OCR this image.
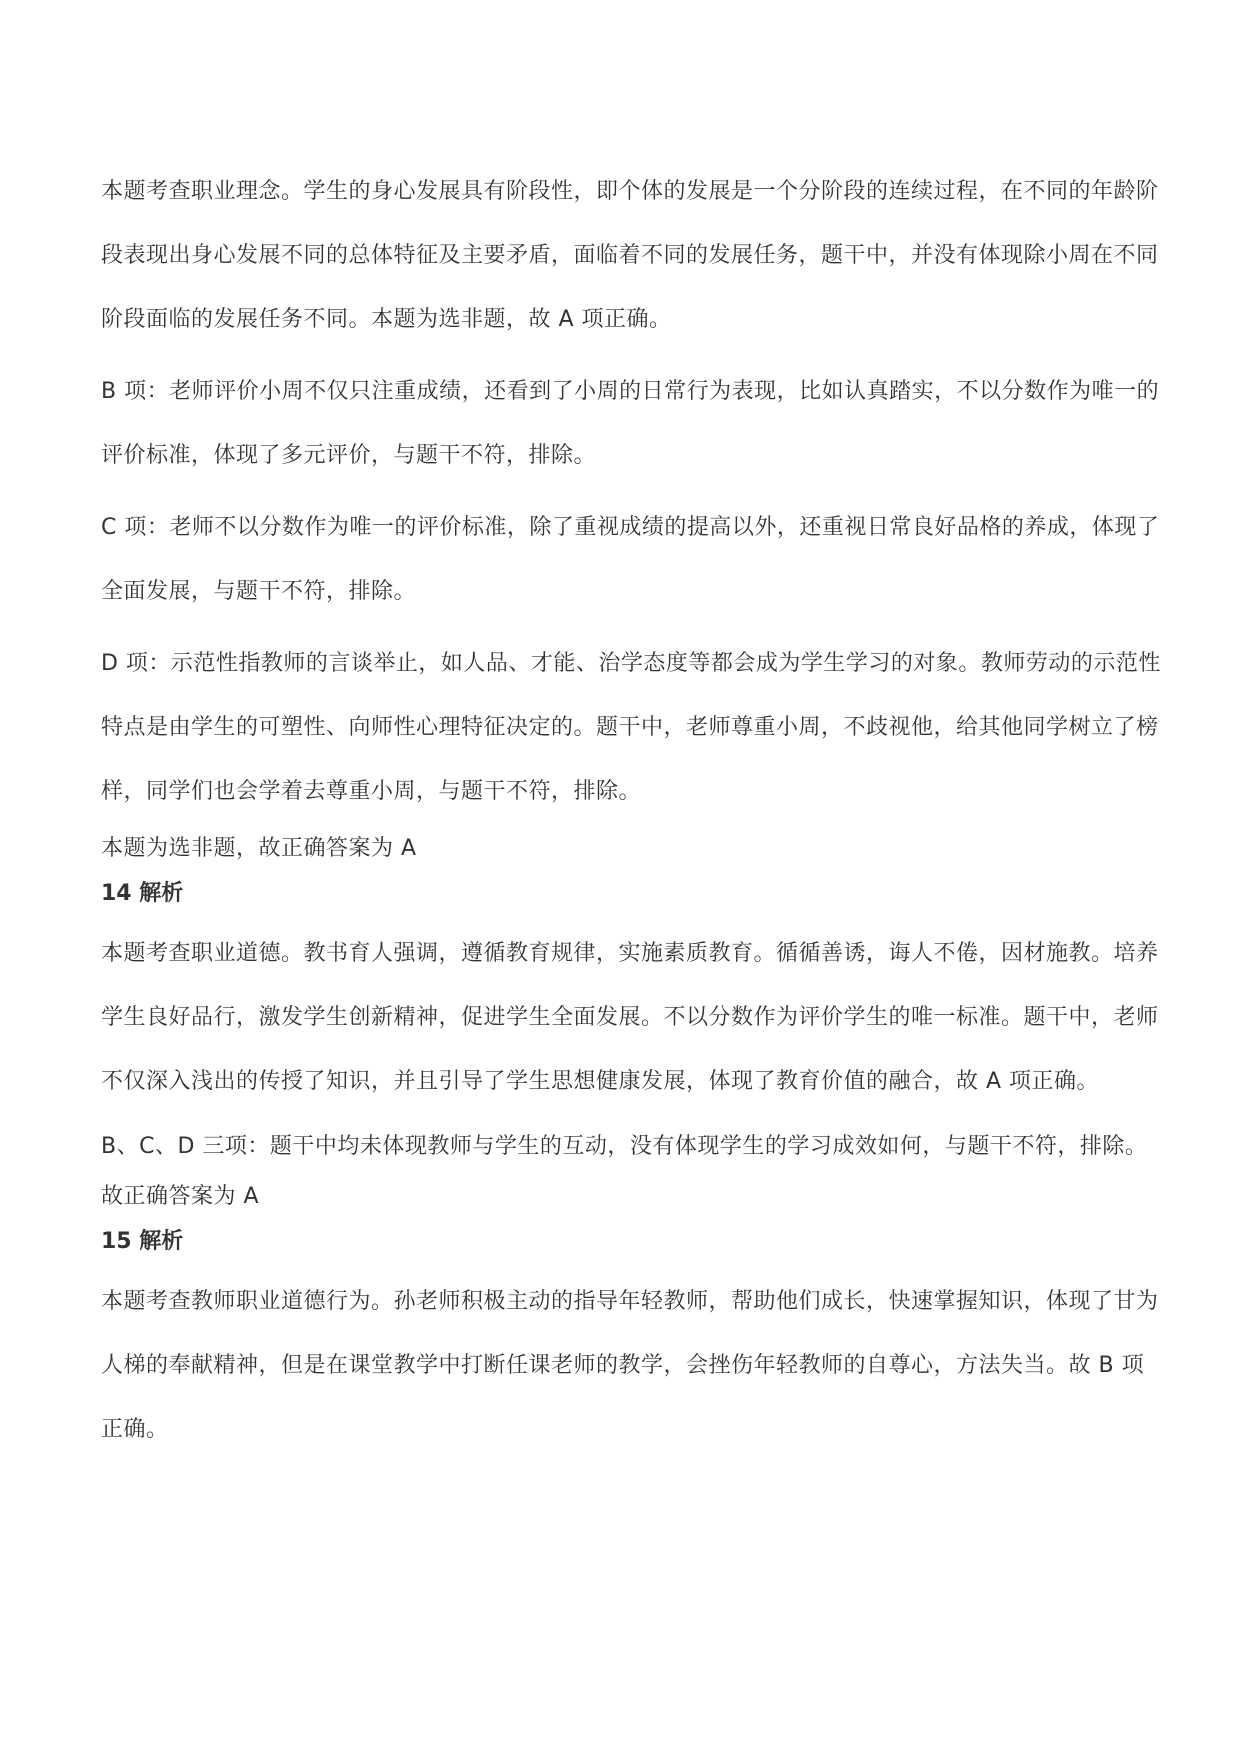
本题考查职业理念。学生的身心发展具有阶段性，即个体的发展是一个分阶段的连续过程，在不同的年龄阶段表现出身心发展不同的总体特征及主要矛盾，面临着不同的发展任务，题干中，并没有体现除小周在不同阶段面临的发展任务不同。本题为选非题，故 A 项正确。

B 项：老师评价小周不仅只注重成绩，还看到了小周的日常行为表现，比如认真踏实，不以分数作为唯一的评价标准，体现了多元评价，与题干不符，排除。

C 项：老师不以分数作为唯一的评价标准，除了重视成绩的提高以外，还重视日常良好品格的养成，体现了全面发展，与题干不符，排除。

D 项：示范性指教师的言谈举止，如人品、才能、治学态度等都会成为学生学习的对象。教师劳动的示范性特点是由学生的可塑性、向师性心理特征决定的。题干中，老师尊重小周，不歧视他，给其他同学树立了榜样，同学们也会学着去尊重小周，与题干不符，排除。

本题为选非题，故正确答案为 A

14 解析

本题考查职业道德。教书育人强调，遵循教育规律，实施素质教育。循循善诱，诲人不倦，因材施教。培养学生良好品行，激发学生创新精神，促进学生全面发展。不以分数作为评价学生的唯一标准。题干中，老师不仅深入浅出的传授了知识，并且引导了学生思想健康发展，体现了教育价值的融合，故 A 项正确。

B、C、D 三项：题干中均未体现教师与学生的互动，没有体现学生的学习成效如何，与题干不符，排除。

故正确答案为 A

15 解析

本题考查教师职业道德行为。孙老师积极主动的指导年轻教师，帮助他们成长，快速掌握知识，体现了甘为人梯的奉献精神，但是在课堂教学中打断任课老师的教学，会挫伤年轻教师的自尊心，方法失当。故 B 项正确。
